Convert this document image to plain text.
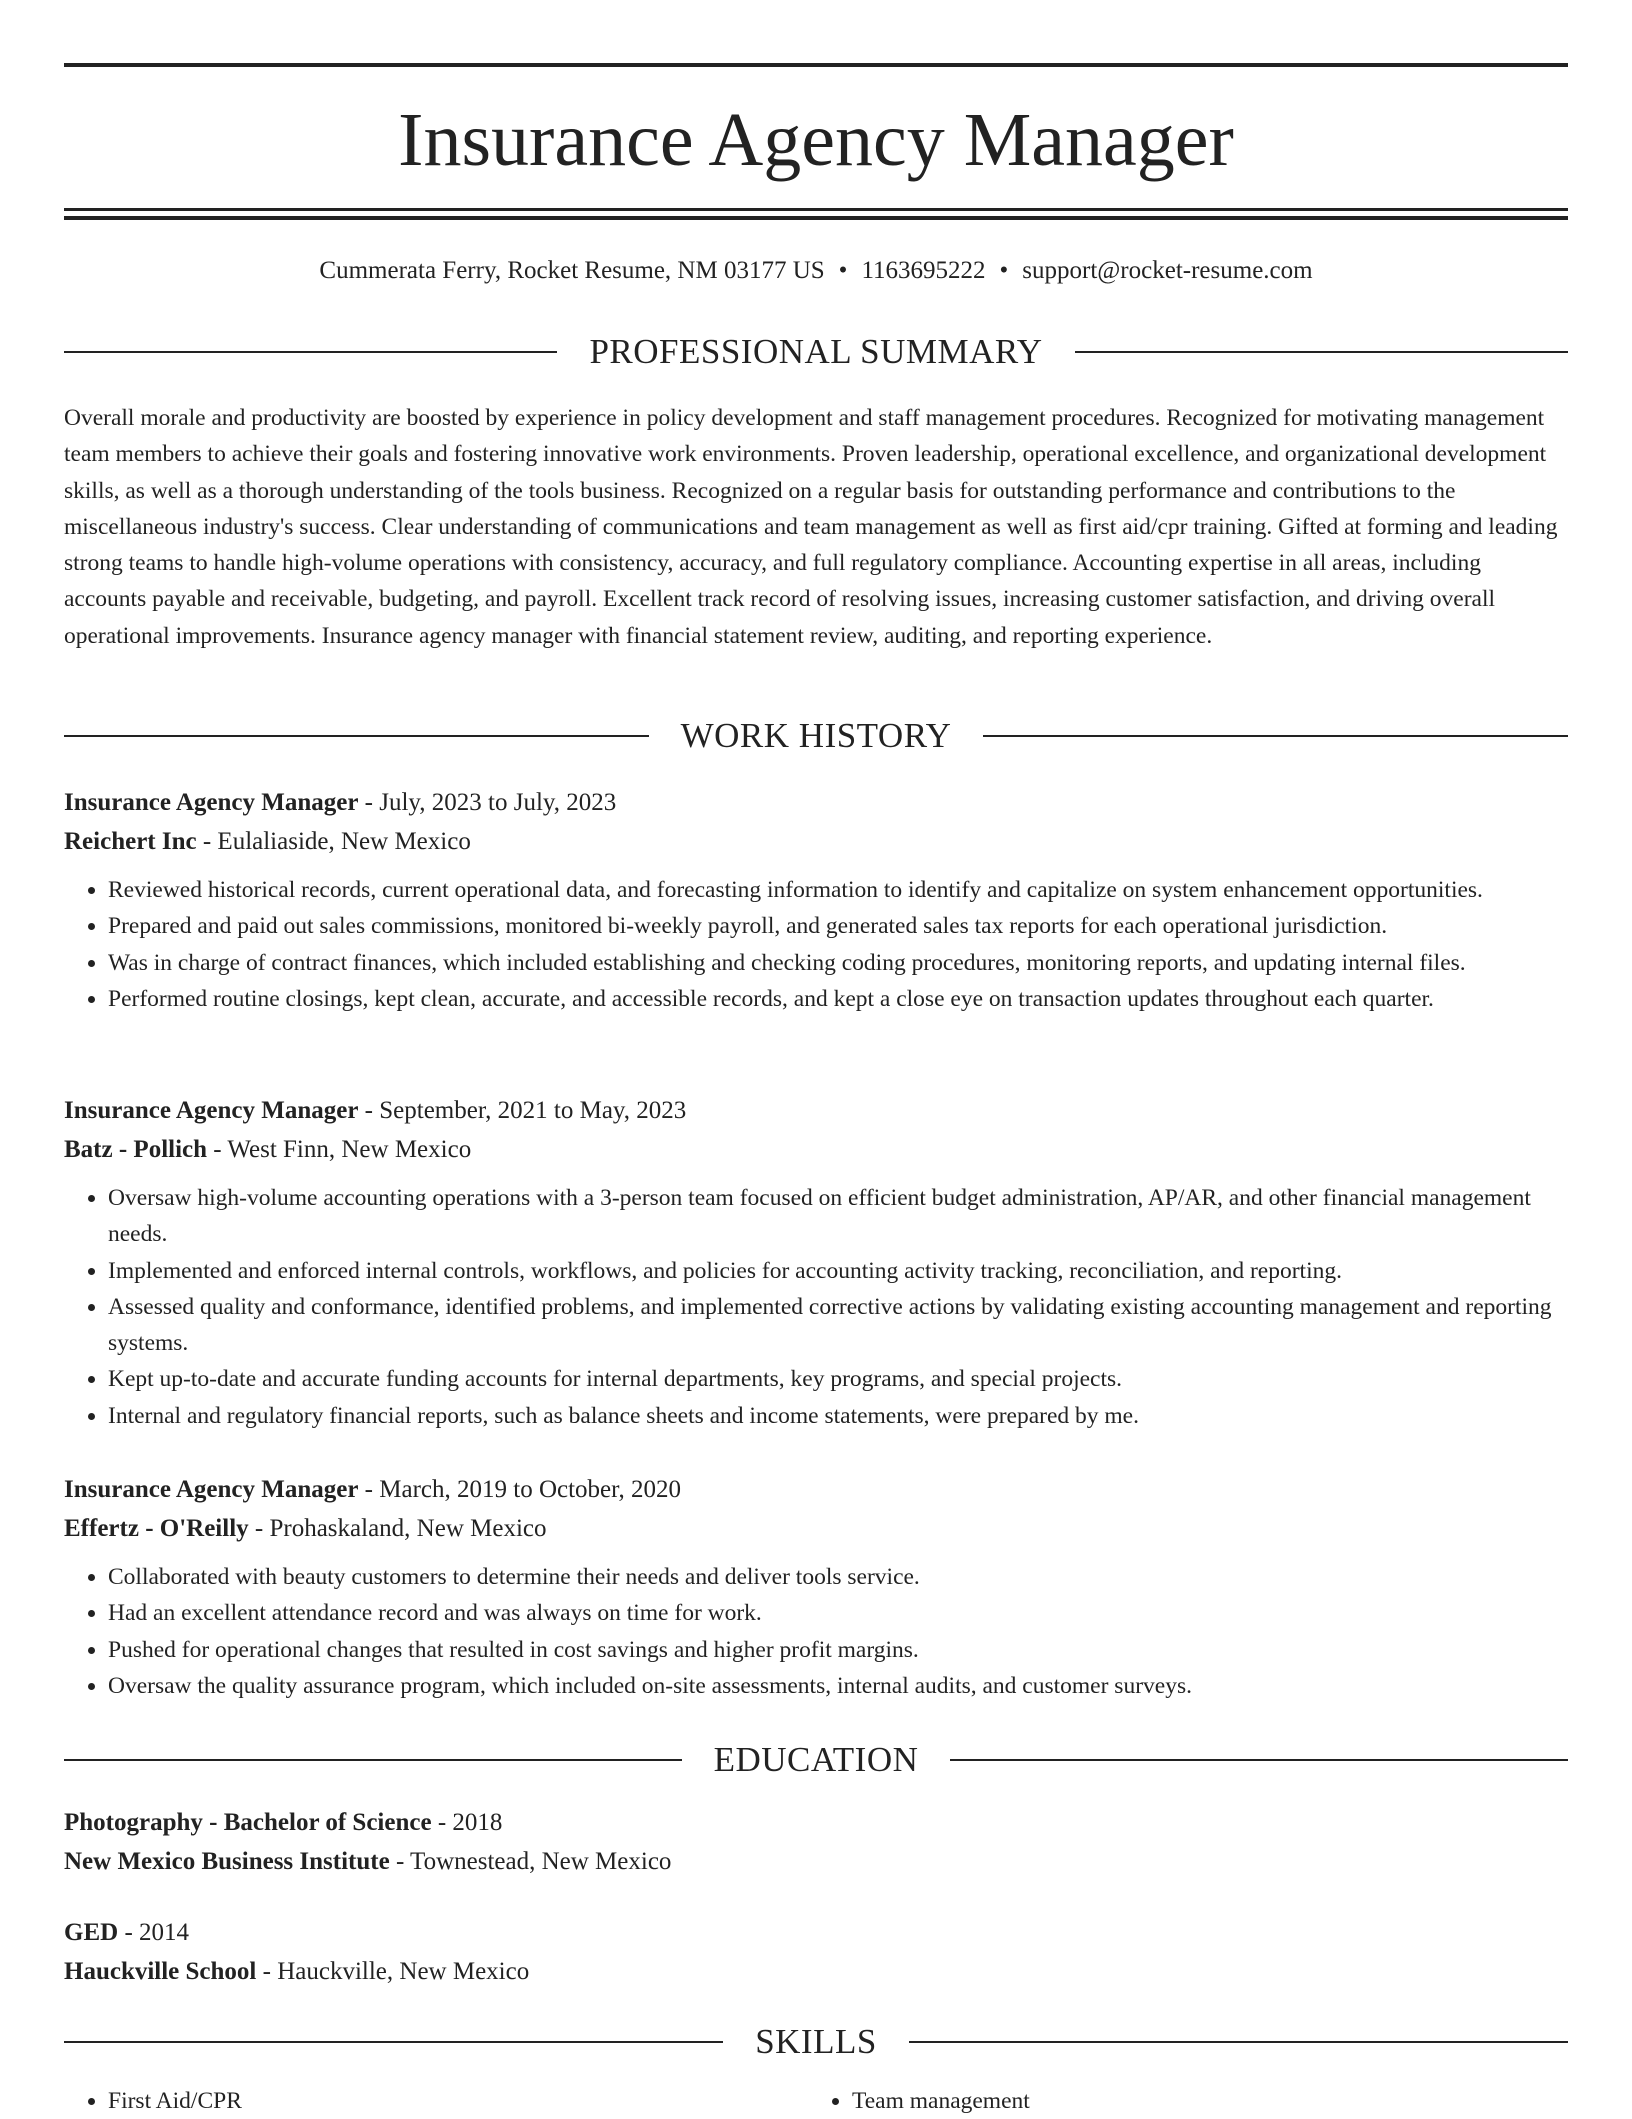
Insurance Agency Manager
Cummerata Ferry, Rocket Resume, NM 03177 US • 1163695222 • support@rocket-resume.com
PROFESSIONAL SUMMARY
Overall morale and productivity are boosted by experience in policy development and staff management procedures. Recognized for motivating management team members to achieve their goals and fostering innovative work environments. Proven leadership, operational excellence, and organizational development skills, as well as a thorough understanding of the tools business. Recognized on a regular basis for outstanding performance and contributions to the miscellaneous industry's success. Clear understanding of communications and team management as well as first aid/cpr training. Gifted at forming and leading strong teams to handle high-volume operations with consistency, accuracy, and full regulatory compliance. Accounting expertise in all areas, including accounts payable and receivable, budgeting, and payroll. Excellent track record of resolving issues, increasing customer satisfaction, and driving overall operational improvements. Insurance agency manager with financial statement review, auditing, and reporting experience.
WORK HISTORY
Insurance Agency Manager - July, 2023 to July, 2023
Reichert Inc - Eulaliaside, New Mexico
• Reviewed historical records, current operational data, and forecasting information to identify and capitalize on system enhancement opportunities.
• Prepared and paid out sales commissions, monitored bi-weekly payroll, and generated sales tax reports for each operational jurisdiction.
• Was in charge of contract finances, which included establishing and checking coding procedures, monitoring reports, and updating internal files.
• Performed routine closings, kept clean, accurate, and accessible records, and kept a close eye on transaction updates throughout each quarter.
Insurance Agency Manager - September, 2021 to May, 2023
Batz - Pollich - West Finn, New Mexico
• Oversaw high-volume accounting operations with a 3-person team focused on efficient budget administration, AP/AR, and other financial management needs.
• Implemented and enforced internal controls, workflows, and policies for accounting activity tracking, reconciliation, and reporting.
• Assessed quality and conformance, identified problems, and implemented corrective actions by validating existing accounting management and reporting systems.
• Kept up-to-date and accurate funding accounts for internal departments, key programs, and special projects.
• Internal and regulatory financial reports, such as balance sheets and income statements, were prepared by me.
Insurance Agency Manager - March, 2019 to October, 2020
Effertz - O'Reilly - Prohaskaland, New Mexico
• Collaborated with beauty customers to determine their needs and deliver tools service.
• Had an excellent attendance record and was always on time for work.
• Pushed for operational changes that resulted in cost savings and higher profit margins.
• Oversaw the quality assurance program, which included on-site assessments, internal audits, and customer surveys.
EDUCATION
Photography - Bachelor of Science - 2018
New Mexico Business Institute - Townestead, New Mexico
GED - 2014
Hauckville School - Hauckville, New Mexico
SKILLS
• First Aid/CPR
•	Team management
